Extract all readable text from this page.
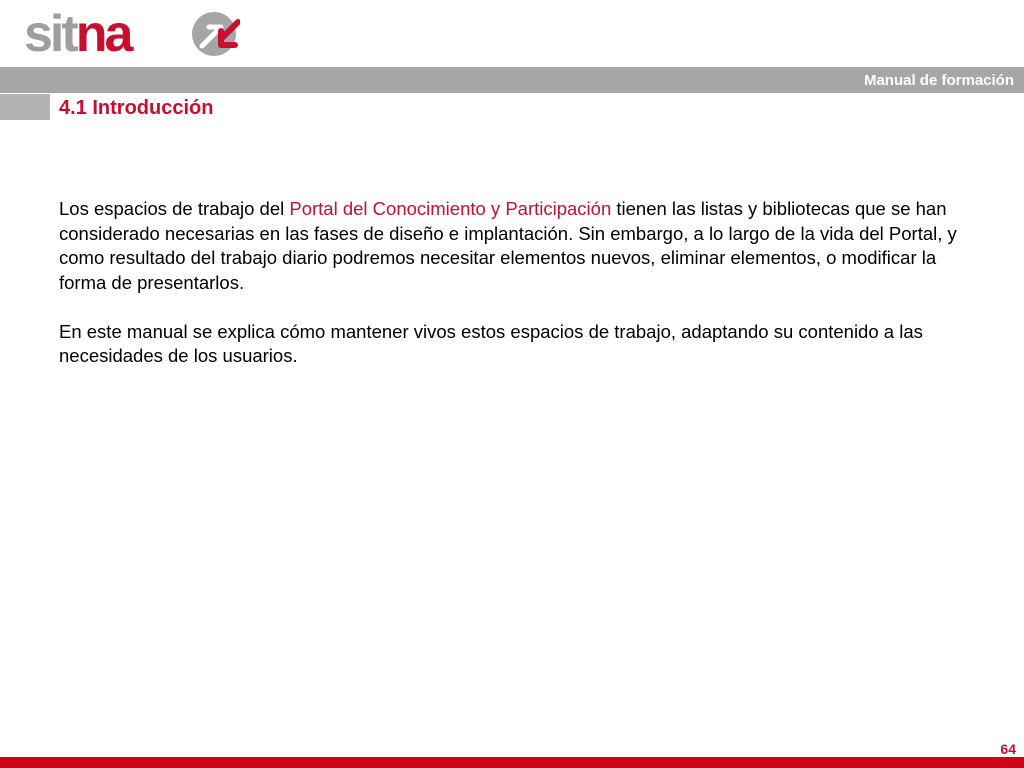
sitna
Manual de formación
4.1 Introducción

Los espacios de trabajo del Portal del Conocimiento y Participación tienen las listas y bibliotecas que se han considerado necesarias en las fases de diseño e implantación. Sin embargo, a lo largo de la vida del Portal, y como resultado del trabajo diario podremos necesitar elementos nuevos, eliminar elementos, o modificar la forma de presentarlos.

En este manual se explica cómo mantener vivos estos espacios de trabajo, adaptando su contenido a las necesidades de los usuarios.

64
